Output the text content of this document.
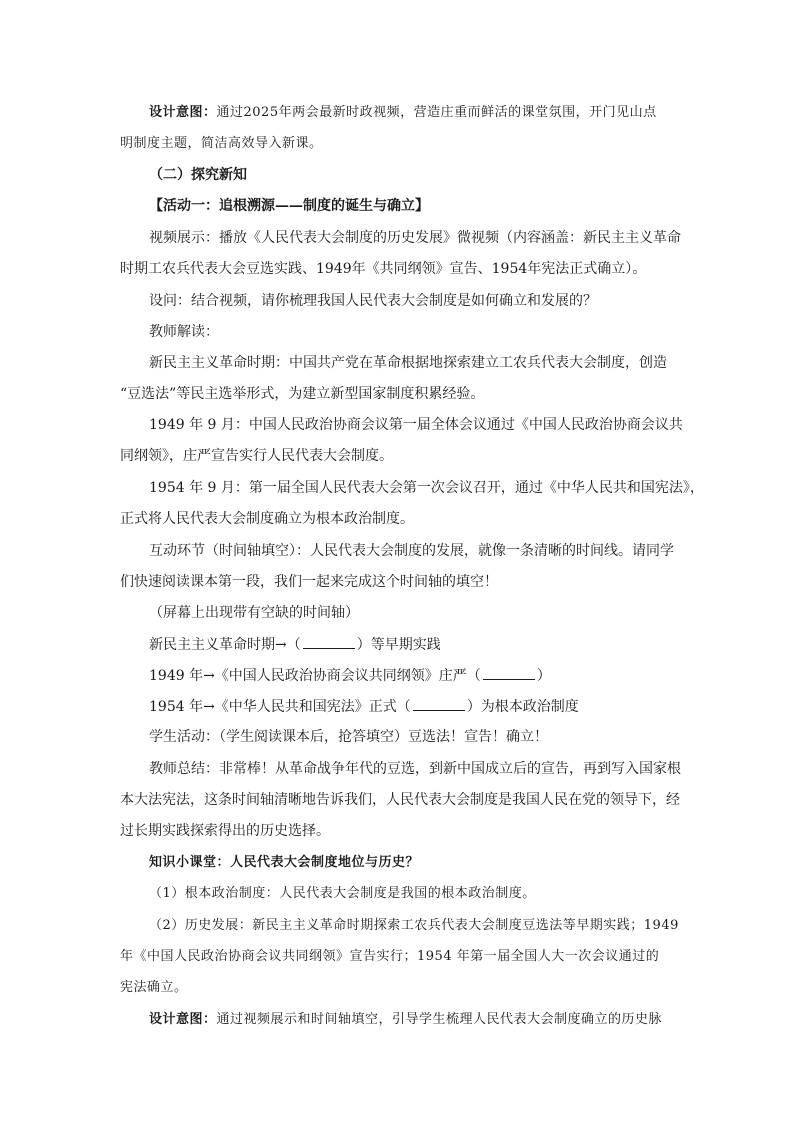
设计意图：通过2025年两会最新时政视频，营造庄重而鲜活的课堂氛围，开门见山点
明制度主题，简洁高效导入新课。
（二）探究新知
【活动一：追根溯源——制度的诞生与确立】
视频展示：播放《人民代表大会制度的历史发展》微视频（内容涵盖：新民主主义革命
时期工农兵代表大会豆选实践、1949年《共同纲领》宣告、1954年宪法正式确立）。
设问：结合视频，请你梳理我国人民代表大会制度是如何确立和发展的？
教师解读：
新民主主义革命时期：中国共产党在革命根据地探索建立工农兵代表大会制度，创造
“豆选法”等民主选举形式，为建立新型国家制度积累经验。
1949 年 9 月：中国人民政治协商会议第一届全体会议通过《中国人民政治协商会议共
同纲领》，庄严宣告实行人民代表大会制度。
1954 年 9 月：第一届全国人民代表大会第一次会议召开，通过《中华人民共和国宪法》，
正式将人民代表大会制度确立为根本政治制度。
互动环节（时间轴填空）：人民代表大会制度的发展，就像一条清晰的时间线。请同学
们快速阅读课本第一段，我们一起来完成这个时间轴的填空！
（屏幕上出现带有空缺的时间轴）
新民主主义革命时期→（	）等早期实践
1949 年→《中国人民政治协商会议共同纲领》庄严（	）
1954 年→《中华人民共和国宪法》正式（	）为根本政治制度
学生活动：（学生阅读课本后，抢答填空）豆选法！宣告！确立！
教师总结：非常棒！从革命战争年代的豆选，到新中国成立后的宣告，再到写入国家根
本大法宪法，这条时间轴清晰地告诉我们，人民代表大会制度是我国人民在党的领导下，经
过长期实践探索得出的历史选择。
知识小课堂：人民代表大会制度地位与历史？
（1）根本政治制度：人民代表大会制度是我国的根本政治制度。
（2）历史发展：新民主主义革命时期探索工农兵代表大会制度豆选法等早期实践；1949
年《中国人民政治协商会议共同纲领》宣告实行；1954 年第一届全国人大一次会议通过的
宪法确立。
设计意图：通过视频展示和时间轴填空，引导学生梳理人民代表大会制度确立的历史脉
